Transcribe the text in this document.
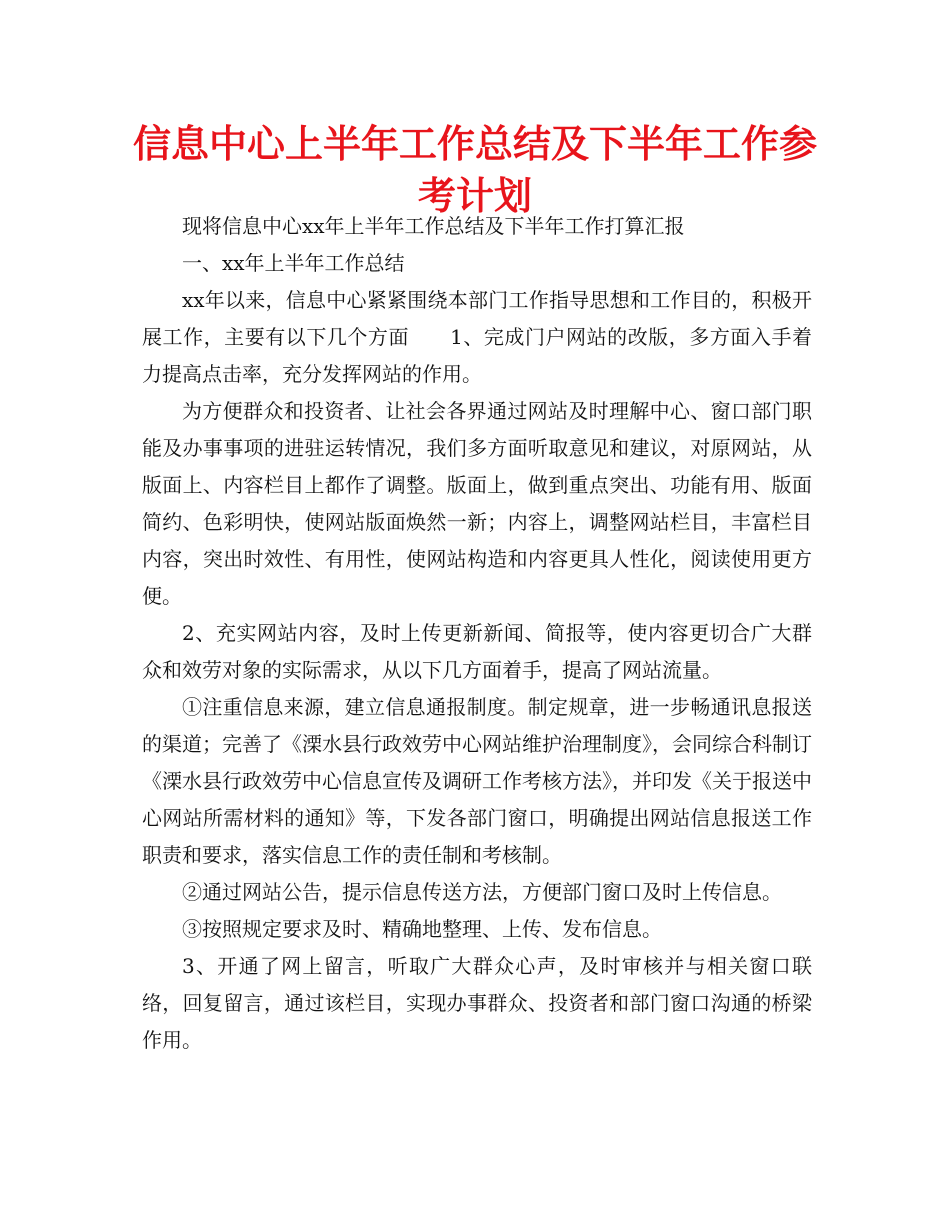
信息中心上半年工作总结及下半年工作参考计划

现将信息中心xx年上半年工作总结及下半年工作打算汇报

一、xx年上半年工作总结

xx年以来，信息中心紧紧围绕本部门工作指导思想和工作目的，积极开展工作，主要有以下几个方面　　1、完成门户网站的改版，多方面入手着力提高点击率，充分发挥网站的作用。

为方便群众和投资者、让社会各界通过网站及时理解中心、窗口部门职能及办事事项的进驻运转情况，我们多方面听取意见和建议，对原网站，从版面上、内容栏目上都作了调整。版面上，做到重点突出、功能有用、版面简约、色彩明快，使网站版面焕然一新；内容上，调整网站栏目，丰富栏目内容，突出时效性、有用性，使网站构造和内容更具人性化，阅读使用更方便。

2、充实网站内容，及时上传更新新闻、简报等，使内容更切合广大群众和效劳对象的实际需求，从以下几方面着手，提高了网站流量。

①注重信息来源，建立信息通报制度。制定规章，进一步畅通讯息报送的渠道；完善了《溧水县行政效劳中心网站维护治理制度》，会同综合科制订《溧水县行政效劳中心信息宣传及调研工作考核方法》，并印发《关于报送中心网站所需材料的通知》等，下发各部门窗口，明确提出网站信息报送工作职责和要求，落实信息工作的责任制和考核制。

②通过网站公告，提示信息传送方法，方便部门窗口及时上传信息。

③按照规定要求及时、精确地整理、上传、发布信息。

3、开通了网上留言，听取广大群众心声，及时审核并与相关窗口联络，回复留言，通过该栏目，实现办事群众、投资者和部门窗口沟通的桥梁作用。
